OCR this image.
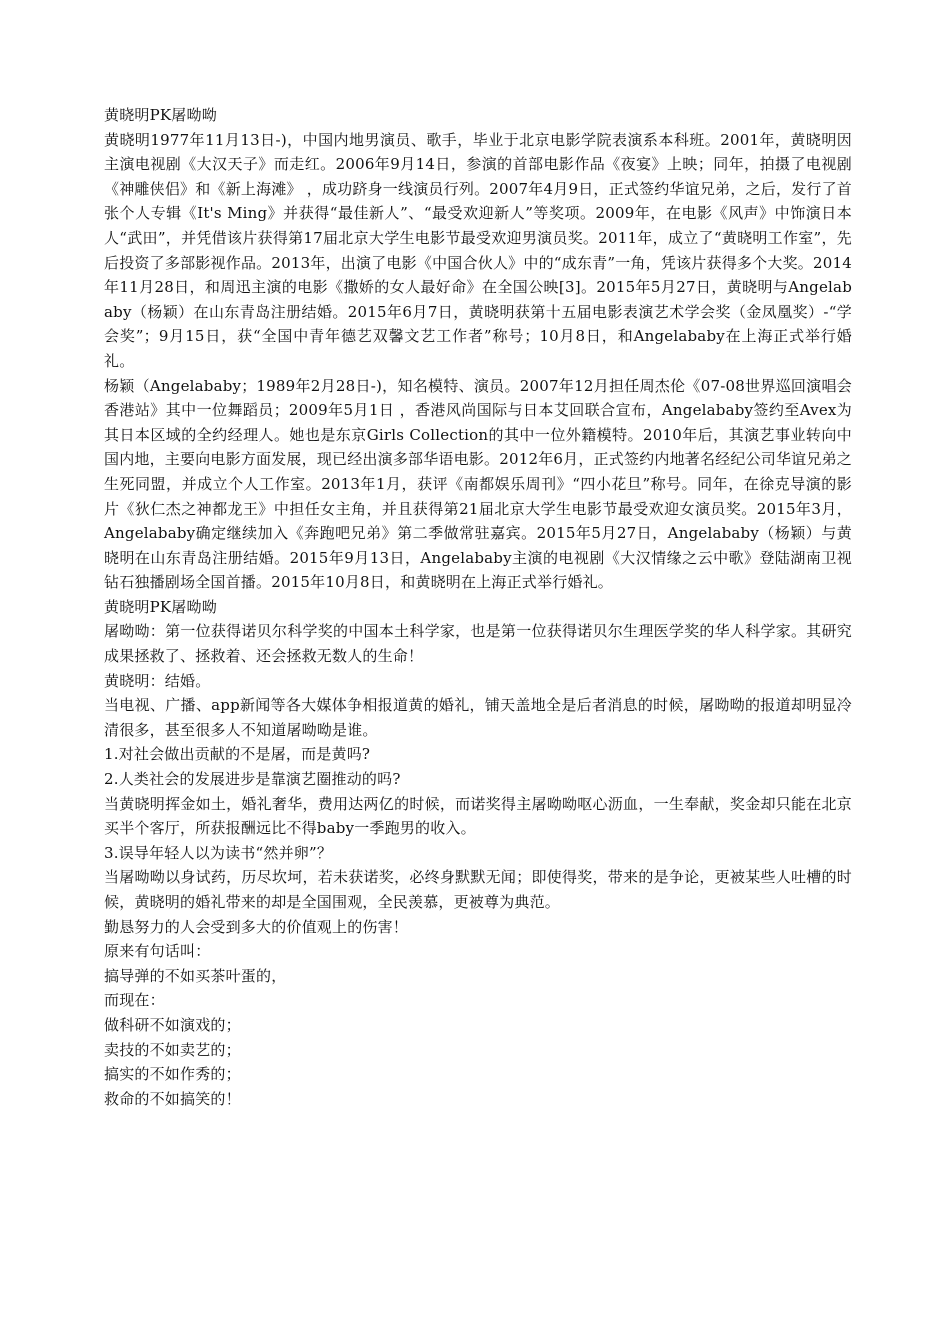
黄晓明PK屠呦呦

黄晓明1977年11月13日-)，中国内地男演员、歌手，毕业于北京电影学院表演系本科班。2001年，黄晓明因主演电视剧《大汉天子》而走红。2006年9月14日，参演的首部电影作品《夜宴》上映；同年，拍摄了电视剧《神雕侠侣》和《新上海滩》 ，成功跻身一线演员行列。2007年4月9日，正式签约华谊兄弟，之后，发行了首张个人专辑《It's Ming》并获得“最佳新人”、“最受欢迎新人”等奖项。2009年，在电影《风声》中饰演日本人“武田”，并凭借该片获得第17届北京大学生电影节最受欢迎男演员奖。2011年，成立了“黄晓明工作室”，先后投资了多部影视作品。2013年，出演了电影《中国合伙人》中的“成东青”一角，凭该片获得多个大奖。2014年11月28日，和周迅主演的电影《撒娇的女人最好命》在全国公映[3]。2015年5月27日，黄晓明与Angelababy（杨颖）在山东青岛注册结婚。2015年6月7日，黄晓明获第十五届电影表演艺术学会奖（金凤凰奖）-“学会奖”；9月15日，获“全国中青年德艺双馨文艺工作者”称号；10月8日，和Angelababy在上海正式举行婚礼。

杨颖（Angelababy；1989年2月28日-)，知名模特、演员。2007年12月担任周杰伦《07-08世界巡回演唱会香港站》其中一位舞蹈员；2009年5月1日 ，香港风尚国际与日本艾回联合宣布，Angelababy签约至Avex为其日本区域的全约经理人。她也是东京Girls Collection的其中一位外籍模特。2010年后，其演艺事业转向中国内地，主要向电影方面发展，现已经出演多部华语电影。2012年6月，正式签约内地著名经纪公司华谊兄弟之生死同盟，并成立个人工作室。2013年1月，获评《南都娱乐周刊》“四小花旦”称号。同年，在徐克导演的影片《狄仁杰之神都龙王》中担任女主角，并且获得第21届北京大学生电影节最受欢迎女演员奖。2015年3月，Angelababy确定继续加入《奔跑吧兄弟》第二季做常驻嘉宾。2015年5月27日，Angelababy（杨颖）与黄晓明在山东青岛注册结婚。2015年9月13日，Angelababy主演的电视剧《大汉情缘之云中歌》登陆湖南卫视钻石独播剧场全国首播。2015年10月8日，和黄晓明在上海正式举行婚礼。

黄晓明PK屠呦呦

屠呦呦：第一位获得诺贝尔科学奖的中国本土科学家，也是第一位获得诺贝尔生理医学奖的华人科学家。其研究成果拯救了、拯救着、还会拯救无数人的生命！

黄晓明：结婚。

当电视、广播、app新闻等各大媒体争相报道黄的婚礼，铺天盖地全是后者消息的时候，屠呦呦的报道却明显冷清很多，甚至很多人不知道屠呦呦是谁。

1.对社会做出贡献的不是屠，而是黄吗?

2.人类社会的发展进步是靠演艺圈推动的吗?

当黄晓明挥金如土，婚礼奢华，费用达两亿的时候，而诺奖得主屠呦呦呕心沥血，一生奉献，奖金却只能在北京买半个客厅，所获报酬远比不得baby一季跑男的收入。

3.误导年轻人以为读书“然并卵”？

当屠呦呦以身试药，历尽坎坷，若未获诺奖，必终身默默无闻；即使得奖，带来的是争论，更被某些人吐槽的时候，黄晓明的婚礼带来的却是全国围观，全民羡慕，更被尊为典范。

勤恳努力的人会受到多大的价值观上的伤害！

原来有句话叫：

搞导弹的不如买茶叶蛋的，

而现在：

做科研不如演戏的；

卖技的不如卖艺的；

搞实的不如作秀的；

救命的不如搞笑的！
